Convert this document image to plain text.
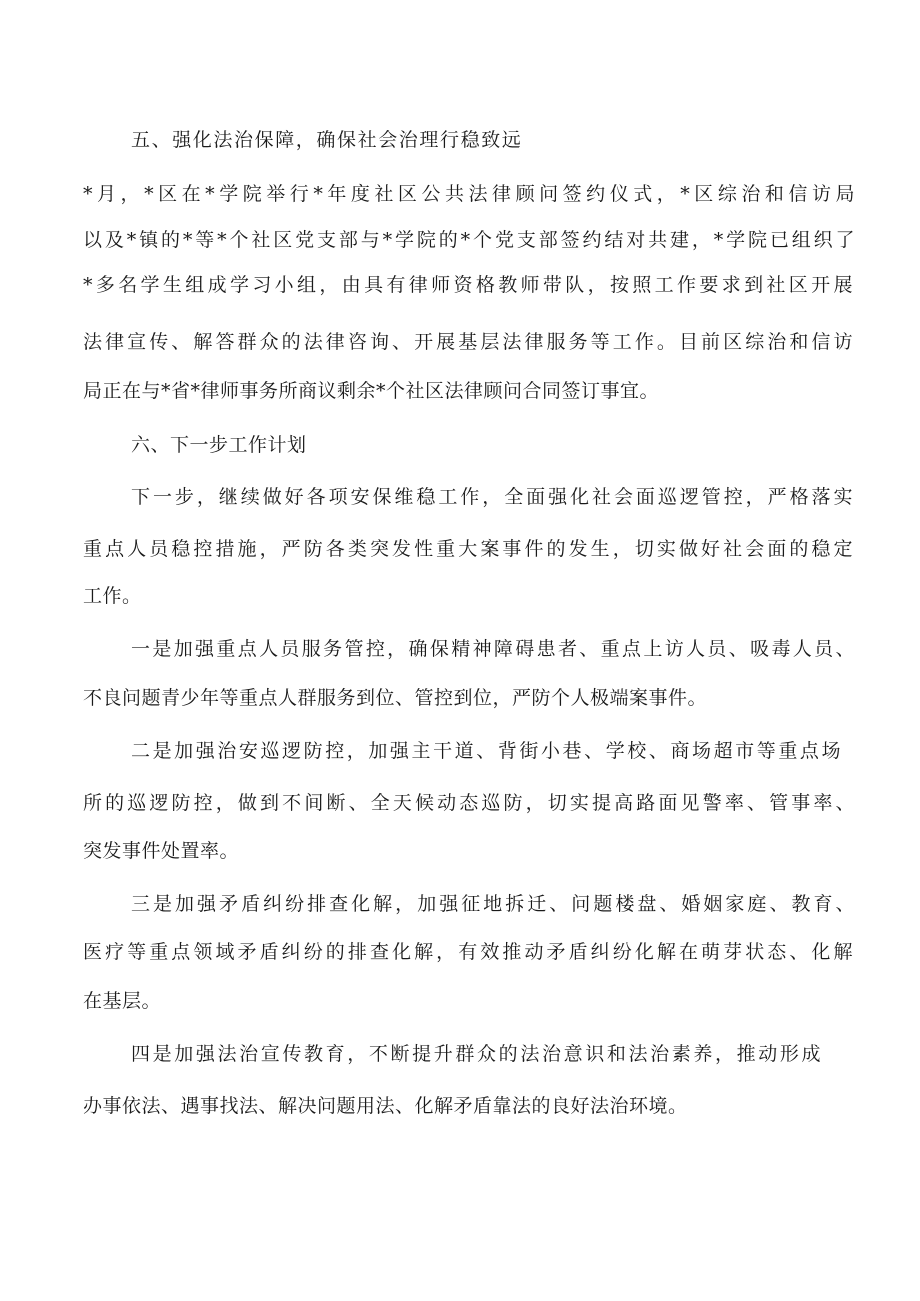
五、强化法治保障，确保社会治理行稳致远
*月，*区在*学院举行*年度社区公共法律顾问签约仪式，*区综治和信访局
以及*镇的*等*个社区党支部与*学院的*个党支部签约结对共建，*学院已组织了
*多名学生组成学习小组，由具有律师资格教师带队，按照工作要求到社区开展
法律宣传、解答群众的法律咨询、开展基层法律服务等工作。目前区综治和信访
局正在与*省*律师事务所商议剩余*个社区法律顾问合同签订事宜。
六、下一步工作计划
下一步，继续做好各项安保维稳工作，全面强化社会面巡逻管控，严格落实
重点人员稳控措施，严防各类突发性重大案事件的发生，切实做好社会面的稳定
工作。
一是加强重点人员服务管控，确保精神障碍患者、重点上访人员、吸毒人员、
不良问题青少年等重点人群服务到位、管控到位，严防个人极端案事件。
二是加强治安巡逻防控，加强主干道、背街小巷、学校、商场超市等重点场
所的巡逻防控，做到不间断、全天候动态巡防，切实提高路面见警率、管事率、
突发事件处置率。
三是加强矛盾纠纷排查化解，加强征地拆迁、问题楼盘、婚姻家庭、教育、
医疗等重点领域矛盾纠纷的排查化解，有效推动矛盾纠纷化解在萌芽状态、化解
在基层。
四是加强法治宣传教育，不断提升群众的法治意识和法治素养，推动形成
办事依法、遇事找法、解决问题用法、化解矛盾靠法的良好法治环境。
